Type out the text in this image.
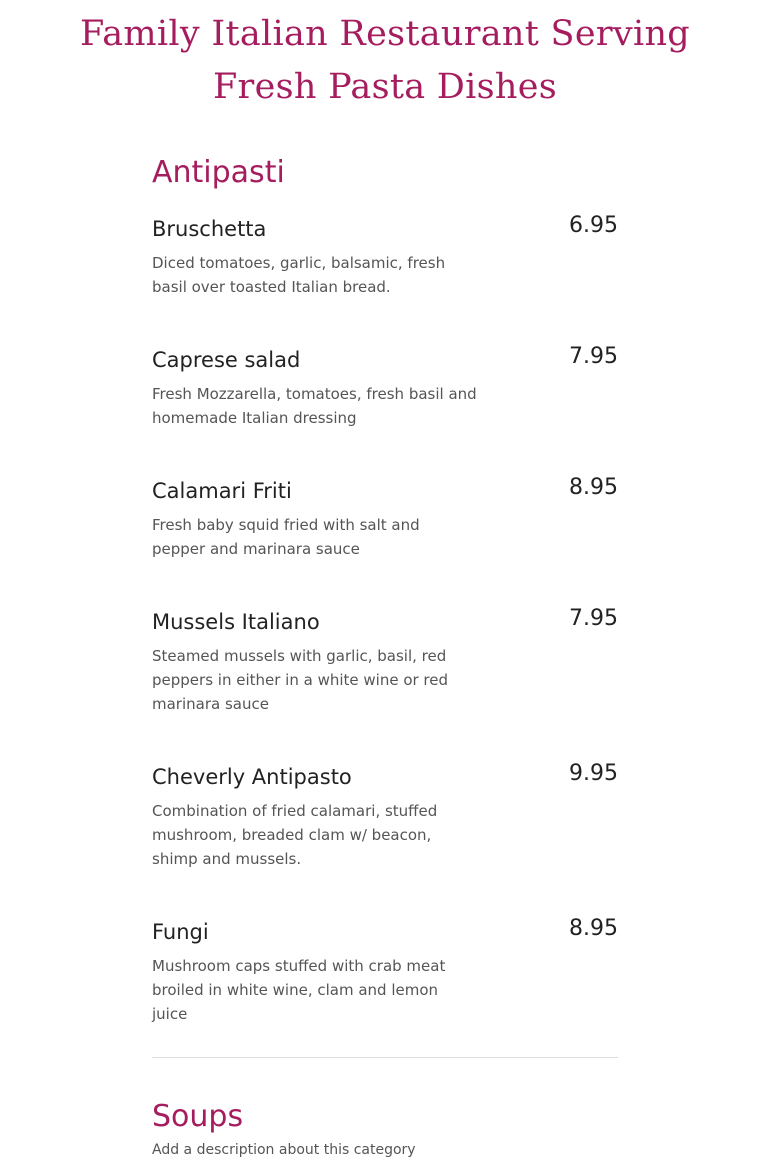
Family Italian Restaurant Serving Fresh Pasta Dishes
Antipasti
Bruschetta	6.95

Diced tomatoes, garlic, balsamic, fresh basil over toasted Italian bread.

Caprese salad	7.95

Fresh Mozzarella, tomatoes, fresh basil and homemade Italian dressing

Calamari Friti	8.95

Fresh baby squid fried with salt and pepper and marinara sauce

Mussels Italiano	7.95

Steamed mussels with garlic, basil, red peppers in either in a white wine or red marinara sauce

Cheverly Antipasto	9.95

Combination of fried calamari, stuffed mushroom, breaded clam w/ beacon, shimp and mussels.

Fungi	8.95

Mushroom caps stuffed with crab meat broiled in white wine, clam and lemon juice

Soups

Add a description about this category
